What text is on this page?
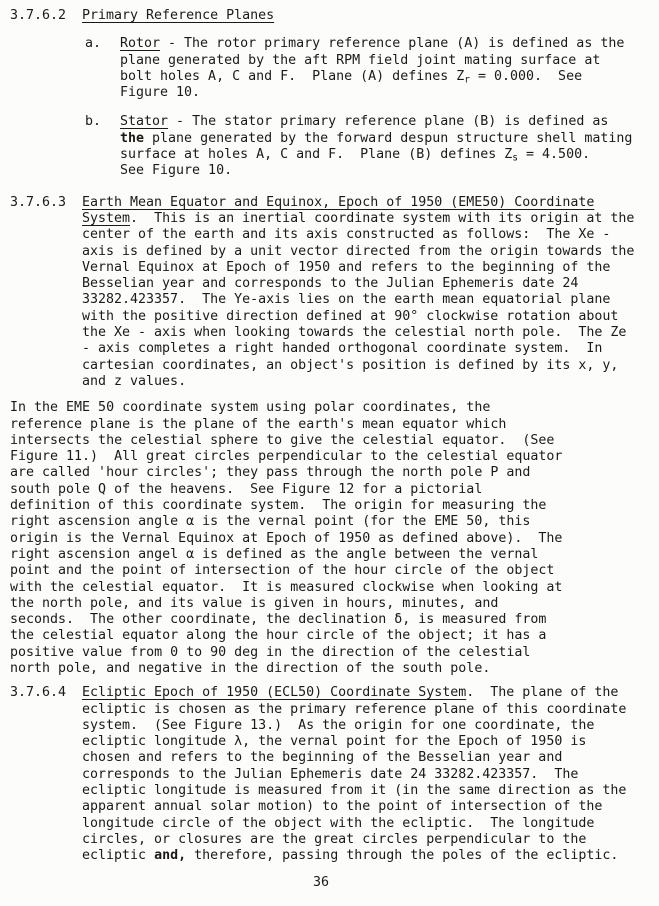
3.7.6.2	Primary Reference Planes
a.	Rotor - The rotor primary reference plane (A) is defined as the
plane generated by the aft RPM field joint mating surface at
bolt holes A, C and F.  Plane (A) defines $Z_r = 0.000$.  See
Figure 10.
b.	Stator - The stator primary reference plane (B) is defined as
the plane generated by the forward despun structure shell mating
surface at holes A, C and F.  Plane (B) defines $Z_s = 4.500$.
See Figure 10.
3.7.6.3	Earth Mean Equator and Equinox, Epoch of 1950 (EME50) Coordinate
System.  This is an inertial coordinate system with its origin at the
center of the earth and its axis constructed as follows:  The Xe -
axis is defined by a unit vector directed from the origin towards the
Vernal Equinox at Epoch of 1950 and refers to the beginning of the
Besselian year and corresponds to the Julian Ephemeris date 24
33282.423357.  The Ye-axis lies on the earth mean equatorial plane
with the positive direction defined at 90° clockwise rotation about
the Xe - axis when looking towards the celestial north pole.  The Ze
- axis completes a right handed orthogonal coordinate system.  In
cartesian coordinates, an object's position is defined by its x, y,
and z values.
In the EME 50 coordinate system using polar coordinates, the
reference plane is the plane of the earth's mean equator which
intersects the celestial sphere to give the celestial equator.  (See
Figure 11.)  All great circles perpendicular to the celestial equator
are called 'hour circles'; they pass through the north pole P and
south pole Q of the heavens.  See Figure 12 for a pictorial
definition of this coordinate system.  The origin for measuring the
right ascension angle α is the vernal point (for the EME 50, this
origin is the Vernal Equinox at Epoch of 1950 as defined above).  The
right ascension angel α is defined as the angle between the vernal
point and the point of intersection of the hour circle of the object
with the celestial equator.  It is measured clockwise when looking at
the north pole, and its value is given in hours, minutes, and
seconds.  The other coordinate, the declination δ, is measured from
the celestial equator along the hour circle of the object; it has a
positive value from 0 to 90 deg in the direction of the celestial
north pole, and negative in the direction of the south pole.
3.7.6.4	Ecliptic Epoch of 1950 (ECL50) Coordinate System.  The plane of the
ecliptic is chosen as the primary reference plane of this coordinate
system.  (See Figure 13.)  As the origin for one coordinate, the
ecliptic longitude λ, the vernal point for the Epoch of 1950 is
chosen and refers to the beginning of the Besselian year and
corresponds to the Julian Ephemeris date 24 33282.423357.  The
ecliptic longitude is measured from it (in the same direction as the
apparent annual solar motion) to the point of intersection of the
longitude circle of the object with the ecliptic.  The longitude
circles, or closures are the great circles perpendicular to the
ecliptic and, therefore, passing through the poles of the ecliptic.
36
